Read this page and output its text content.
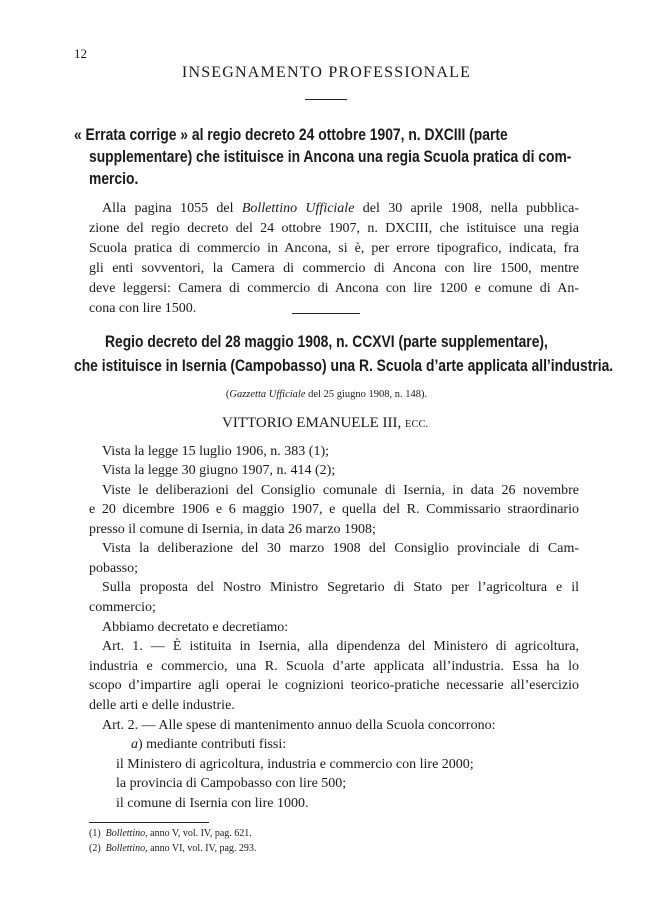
12
INSEGNAMENTO PROFESSIONALE
« Errata corrige » al regio decreto 24 ottobre 1907, n. DXCIII (parte
supplementare) che istituisce in Ancona una regia Scuola pratica di com-
mercio.
Alla pagina 1055 del Bollettino Ufficiale del 30 aprile 1908, nella pubblica-
zione del regio decreto del 24 ottobre 1907, n. DXCIII, che istituisce una regia
Scuola pratica di commercio in Ancona, si è, per errore tipografico, indicata, fra
gli enti sovventori, la Camera di commercio di Ancona con lire 1500, mentre
deve leggersi: Camera di commercio di Ancona con lire 1200 e comune di An-
cona con lire 1500.
Regio decreto del 28 maggio 1908, n. CCXVI (parte supplementare),
che istituisce in Isernia (Campobasso) una R. Scuola d’arte applicata all’industria.
(Gazzetta Ufficiale del 25 giugno 1908, n. 148).
VITTORIO EMANUELE III, ECC.
Vista la legge 15 luglio 1906, n. 383 (1);
Vista la legge 30 giugno 1907, n. 414 (2);
Viste le deliberazioni del Consiglio comunale di Isernia, in data 26 novembre
e 20 dicembre 1906 e 6 maggio 1907, e quella del R. Commissario straordinario
presso il comune di Isernia, in data 26 marzo 1908;
Vista la deliberazione del 30 marzo 1908 del Consiglio provinciale di Cam-
pobasso;
Sulla proposta del Nostro Ministro Segretario di Stato per l’agricoltura e il
commercio;
Abbiamo decretato e decretiamo:
Art. 1. — È istituita in Isernia, alla dipendenza del Ministero di agricoltura,
industria e commercio, una R. Scuola d’arte applicata all’industria. Essa ha lo
scopo d’impartire agli operai le cognizioni teorico-pratiche necessarie all’esercizio
delle arti e delle industrie.
Art. 2. — Alle spese di mantenimento annuo della Scuola concorrono:
a) mediante contributi fissi:
il Ministero di agricoltura, industria e commercio con lire 2000;
la provincia di Campobasso con lire 500;
il comune di Isernia con lire 1000.
(1) Bollettino, anno V, vol. IV, pag. 621.
(2) Bollettino, anno VI, vol. IV, pag. 293.
